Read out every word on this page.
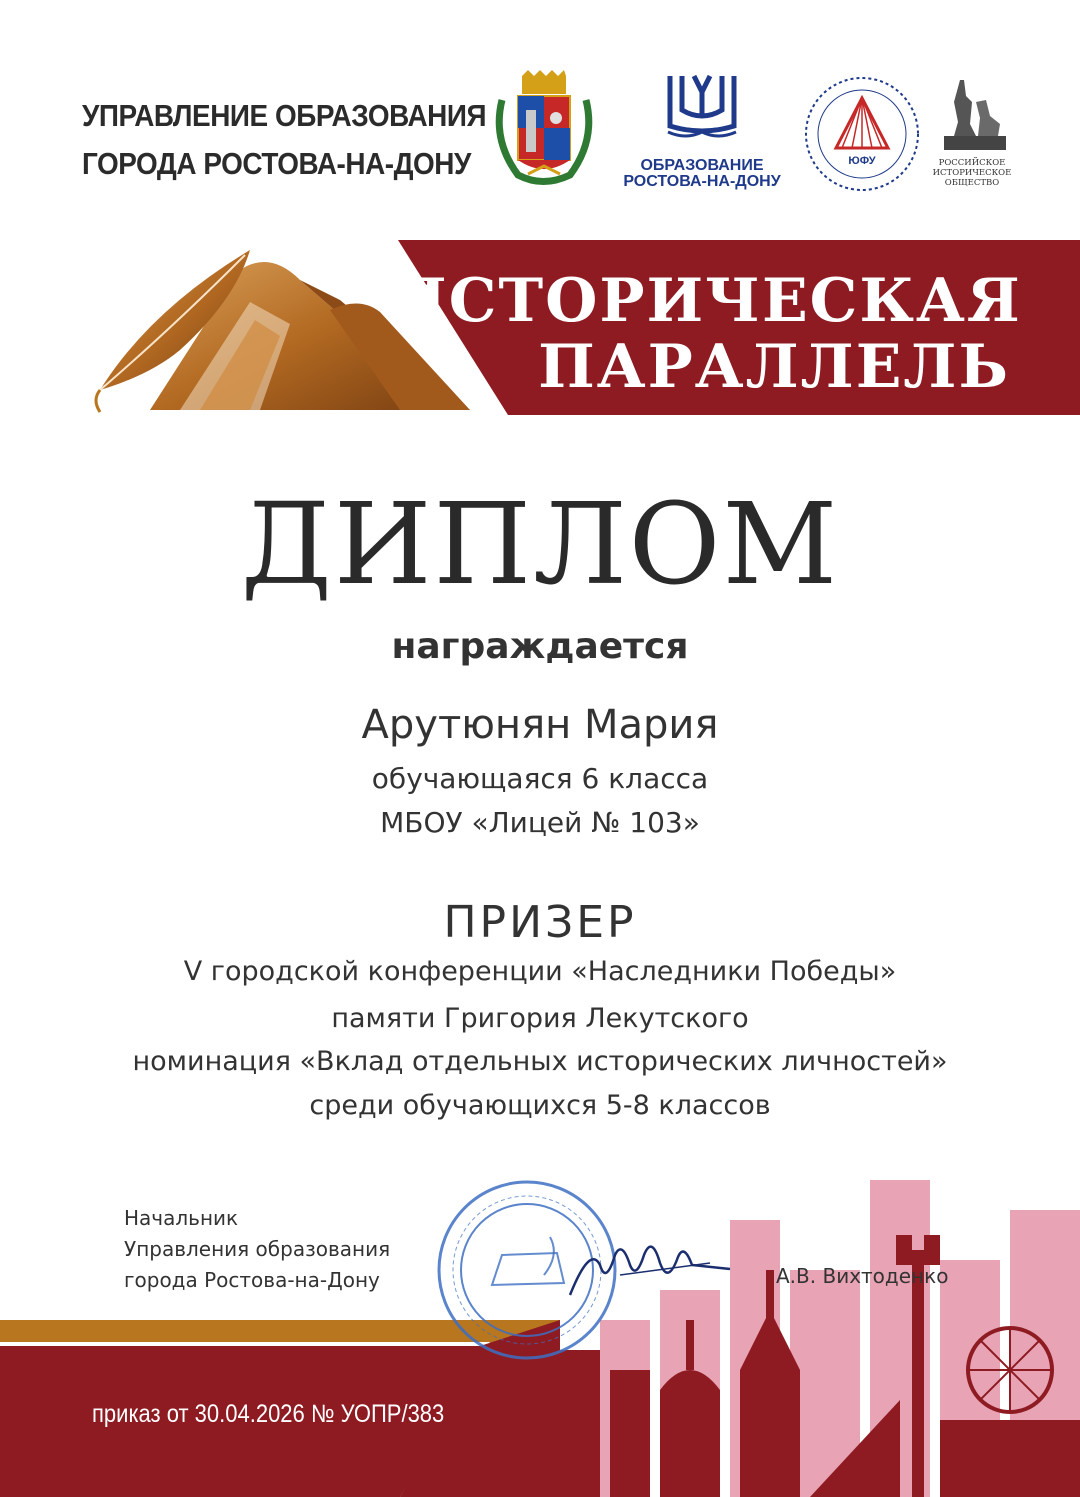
УПРАВЛЕНИЕ ОБРАЗОВАНИЯ
ГОРОДА РОСТОВА-НА-ДОНУ	ОБРАЗОВАНИЕ
РОСТОВА-НА-ДОНУ
ЮФУ	РОССИЙСКОЕ
ИСТОРИЧЕСКОЕ
ОБЩЕСТВО
ИСТОРИЧЕСКАЯ
ПАРАЛЛЕЛЬ
ДИПЛОМ
награждается
Арутюнян Мария
обучающаяся 6 класса
МБОУ «Лицей № 103»
ПРИЗЕР
V городской конференции «Наследники Победы»
памяти Григория Лекутского
номинация «Вклад отдельных исторических личностей»
среди обучающихся 5-8 классов
Начальник
Управления образования
города Ростова-на-Дону	А.В. Вихтоденко
приказ от 30.04.2026 № УОПР/383
